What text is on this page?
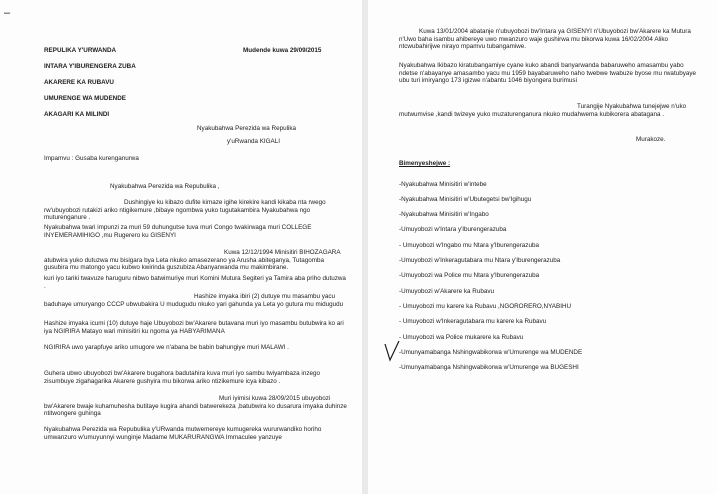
–
REPULIKA Y'URWANDA	Mudende kuwa 29/09/2015
INTARA Y'IBURENGERA ZUBA
AKARERE KA RUBAVU
UMURENGE WA MUDENDE
AKAGARI KA MILINDI
Nyakubahwa Perezida wa Repulika
y'uRwanda KIGALI
Impamvu : Gusaba kurenganurwa
Nyakubahwa Perezida wa Repubulika ,
Dushingiye ku kibazo dufite kimaze igihe kirekire kandi kikaba nta rwego rw'ubuyobozi rutakizi ariko ntigikemure ,bibaye ngombwa yuko tugutakambira Nyakubahwa ngo muturenganure .
Nyakubahwa twari impunzi za muri 59 duhungutse tuva muri Congo twakirwaga muri COLLEGE INYEMERAMIHIGO ,mu Rugerero ku GISENYI
Kuwa 12/12/1994 Minisitiri BIHOZAGARA atubwira yuko dutuzwa mu bisigara bya Leta nkuko amasezerano ya Arusha abiteganya, Tutagomba gusubira mu matongo yacu kubwo kwirinda guszubiza Abanyarwanda mu makimbirane.
kuri iyo tariki twavuze haruguru nibwo batwimuriye muri Komini Mutura Segiteri ya Tamira aba priho dutuzwa .
Hashize imyaka ibiri (2) dutuye mu masambu yacu baduhaye umuryango CCCP ubwubakira U mudugudu nkuko yari gahunda ya Leta yo gutura mu midugudu
Hashize imyaka icumi (10) dutuye haje Ubuyobozi bw'Akarere butavana muri iyo masambu butubwira ko ari iya NGIRIRA Matayo wari minisitiri ku ngoma ya HABYARIMANA
NGIRIRA uwo yarapfuye ariko umugore we n'abana be babin bahungiye muri MALAWI .
Guhera ubwo ubuyobozi bw'Akarere bugahora badutahira kuva muri iyo sambu twiyambaza inzego zisumbuye zigahagarika Akarere gushyira mu bikorwa ariko ntizikemure icya kibazo .
Muri iyimisi kuwa 28/09/2015 ubuyobozi bw'Akarere bwaje kuhamuhesha butitaye kugira ahandi batwerekeza ,batubwira ko dusarura imyaka duhinze ntitwongere guhinga
Nyakubahwa Perezida wa Repubulika y'URwanda mutwemereye kumugereka wururwandiko horiho umwanzuro w'umuyunnyi wunginje Madame MUKARURANGWA Immaculee yanzuye
Kuwa 13/01/2004 abatanje n'ubuyobozi bw'Intara ya GISENYI n'Ubuyobozi bw'Akarere ka Mutura n'Uwo baha isambu ahibereye uwo mwanzuro waje gushirwa mu bikorwa kuwa 16/02/2004 Aliko ntcwubahirijwe nirayo mpamvu tubangamiwe.
Nyakubahwa Ikibazo kiratubangamiye cyane kuko abandi banyarwanda babaruweho amasambu yabo ndetse n'abayanye amasambo yacu mu 1959 bayabaruweho naho twebwe twabuze byose mu rwatubyaye ubu turi imiryango 173 igizwe n'abantu 1046 biyongera burimusi
Turangije Nyakubahwa tunejejwe n'uko mutwumvise ,kandi twizeye yuko muzaturenganura nkuko mudahwema kubikorera abatagana .
Murakoze.
Bimenyeshejwe :
-Nyakubahwa Minisitiri w'intebe
-Nyakubahwa Minisitiri w'Ubutegetsi bw'Igihugu
-Nyakubahwa Minisitiri w'Ingabo
-Umuyobozi w'Intara y'Iburengerazuba
- Umuyobozi w'Ingabo mu Ntara y'Iburengerazuba
-Umuyobozi w'Inkeragutabara mu Ntara y'Iburengerazuba
-Umuyobozi wa Police mu Ntara y'Iburengerazuba
-Umuyobozi w'Akarere ka Rubavu
- Umuyobozi mu karere ka Rubavu ,NGORORERO,NYABIHU
- Umuyobozi w'Inkeragutabara mu karere ka Rubavu
- Umuyobozi wa Police mukarere ka Rubavu
-Umunyamabanga Nshingwabikorwa w'Umurenge wa MUDENDE
-Umunyamabanga Nshingwabikorwa w'Umurenge wa BUGESHI
